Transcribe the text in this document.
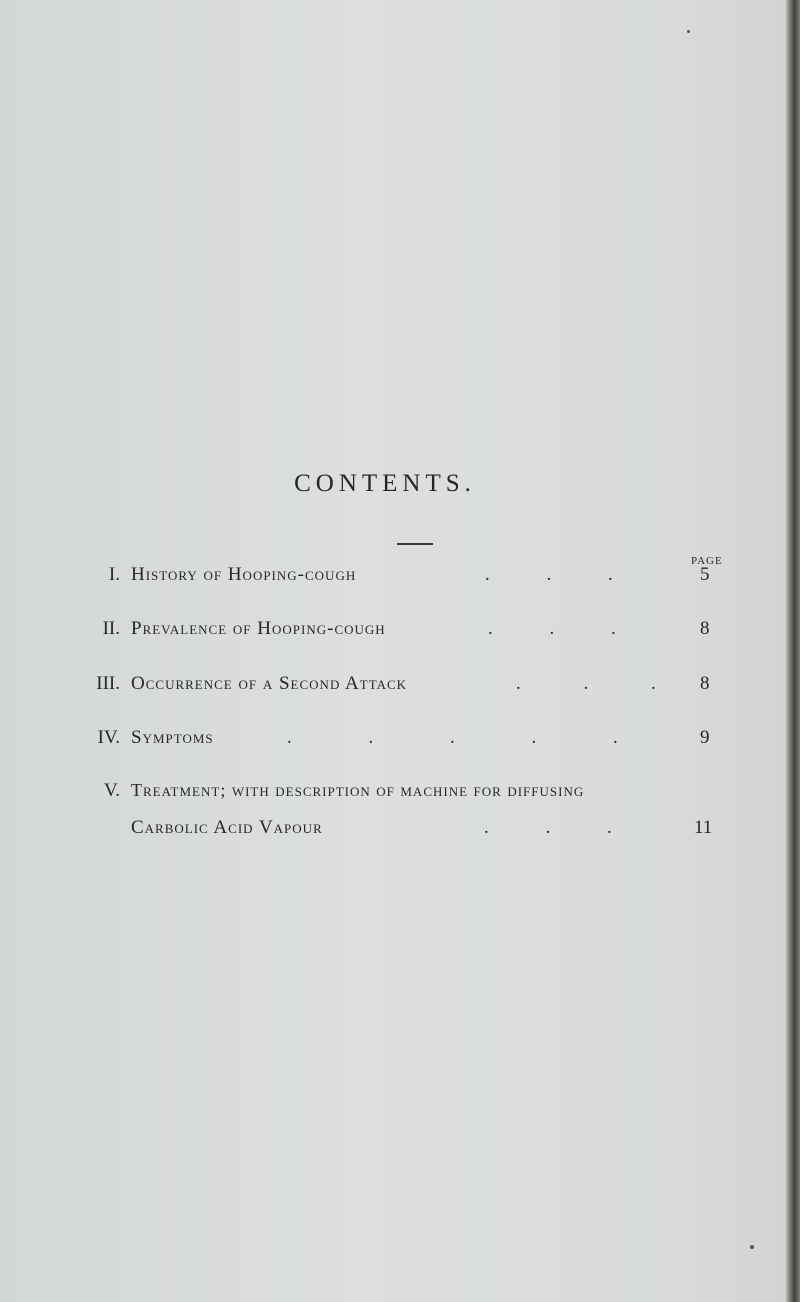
CONTENTS.
PAGE
I. History of Hooping-cough	. . .	5
II. Prevalence of Hooping-cough	. . .	8
III. Occurrence of a Second Attack	. . . 8
IV. Symptoms	. . . . .	9
V. Treatment; with description of machine for diffusing
Carbolic Acid Vapour	. . .	11
